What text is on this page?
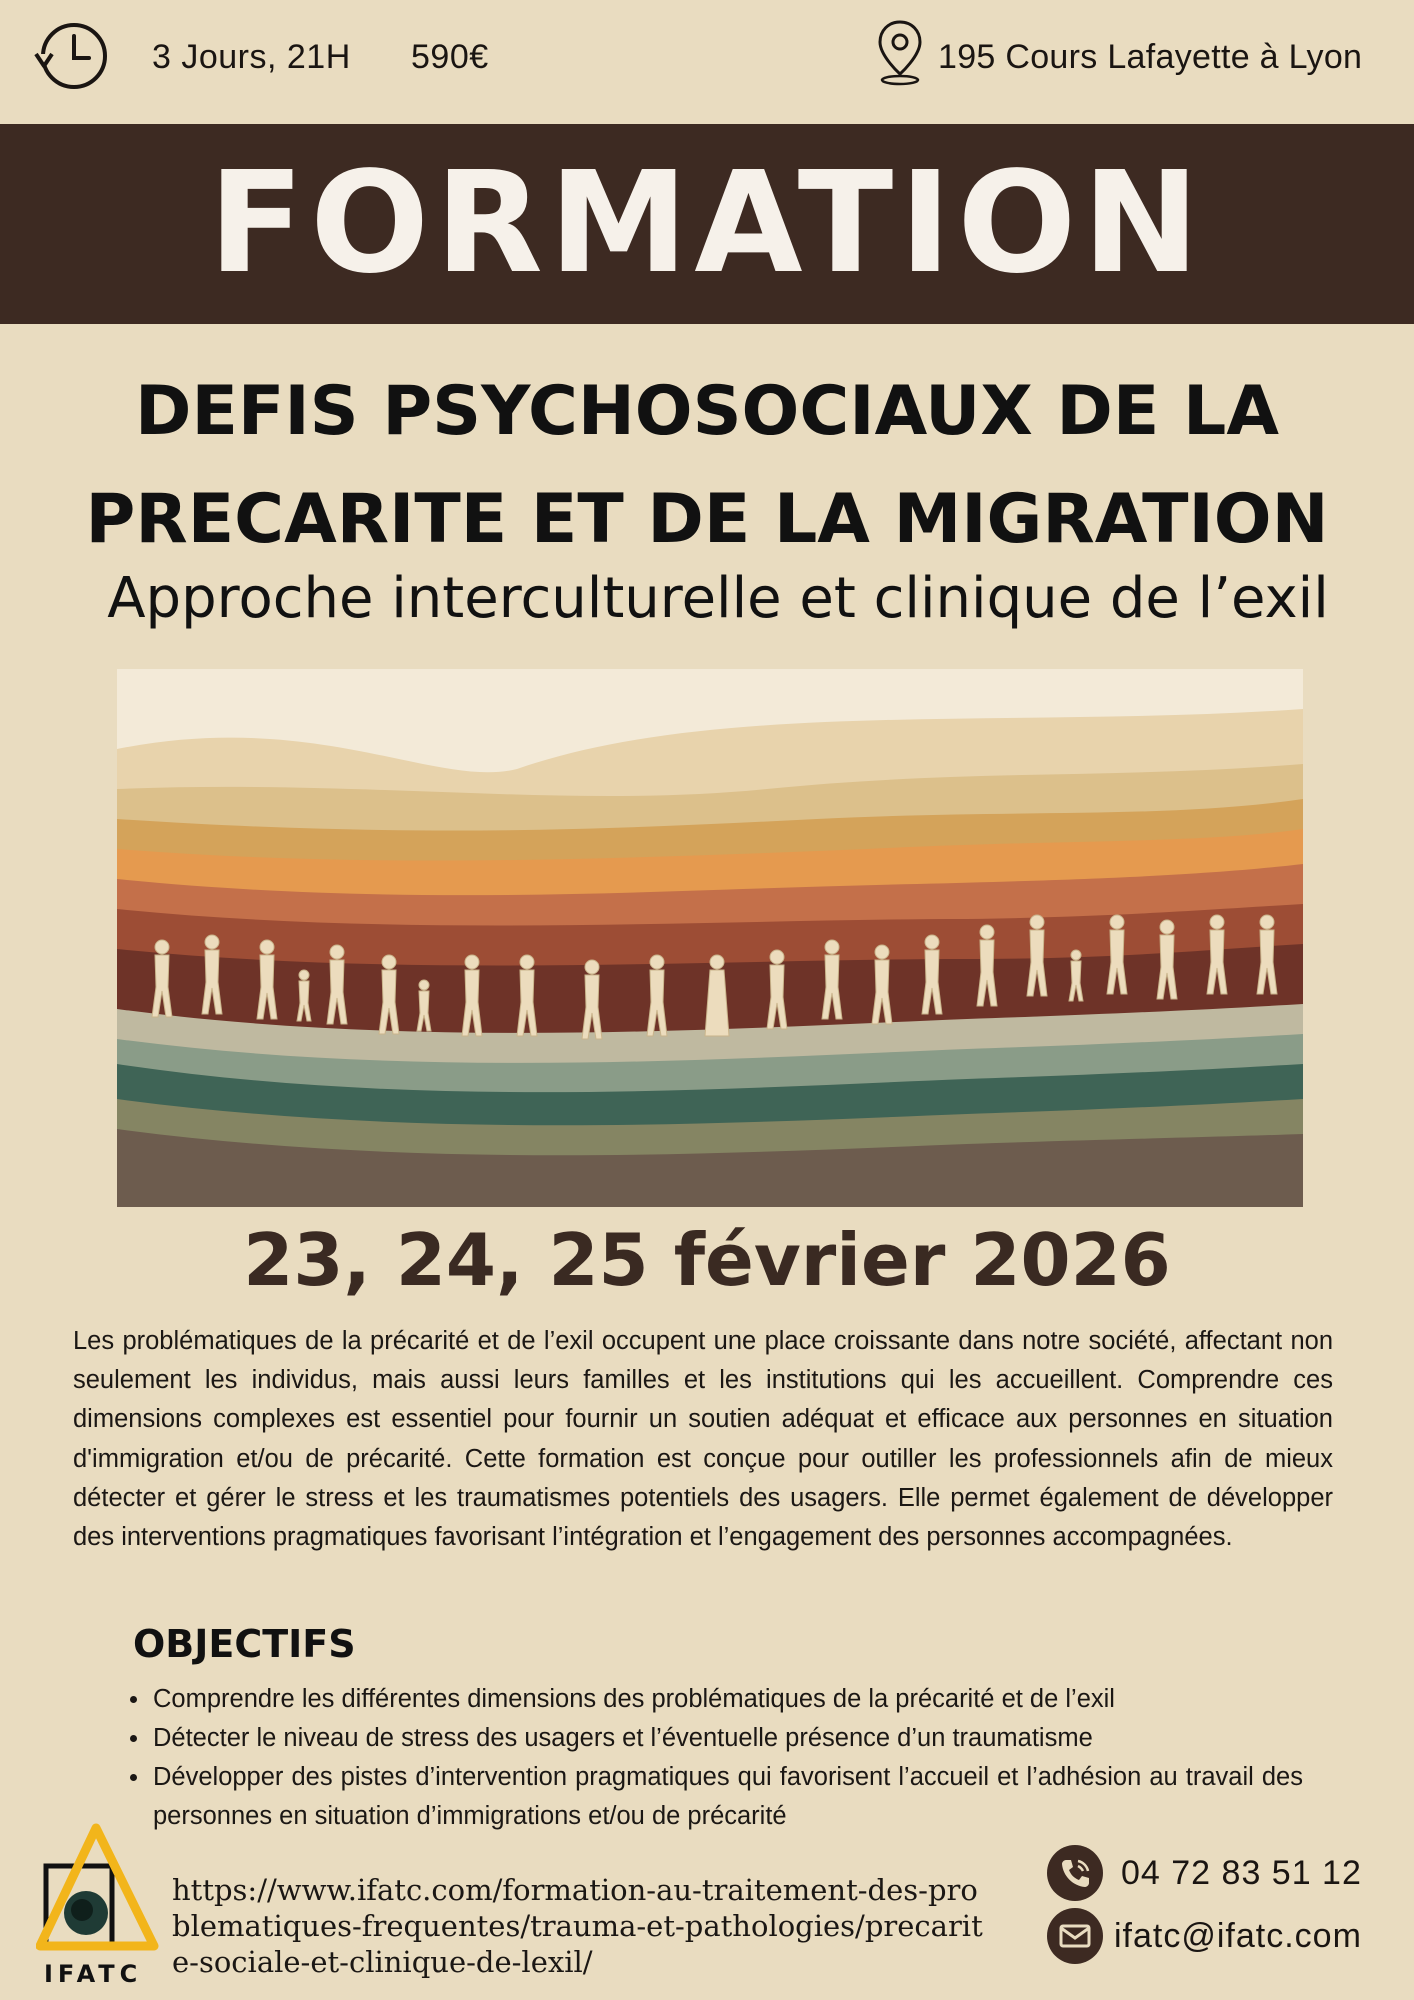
3 Jours, 21H 590€	195 Cours Lafayette à Lyon
FORMATION
DEFIS PSYCHOSOCIAUX DE LA
PRECARITE ET DE LA MIGRATION
Approche interculturelle et clinique de l’exil
23, 24, 25 février 2026

Les problématiques de la précarité et de l’exil occupent une place croissante dans notre société, affectant non seulement les individus, mais aussi leurs familles et les institutions qui les accueillent. Comprendre ces dimensions complexes est essentiel pour fournir un soutien adéquat et efficace aux personnes en situation d'immigration et/ou de précarité. Cette formation est conçue pour outiller les professionnels afin de mieux détecter et gérer le stress et les traumatismes potentiels des usagers. Elle permet également de développer des interventions pragmatiques favorisant l’intégration et l’engagement des personnes accompagnées.

OBJECTIFS
Comprendre les différentes dimensions des problématiques de la précarité et de l’exil
Détecter le niveau de stress des usagers et l’éventuelle présence d’un traumatisme
Développer des pistes d’intervention pragmatiques qui favorisent l’accueil et l’adhésion au travail des personnes en situation d’immigrations et/ou de précarité
IFATC
https://www.ifatc.com/formation-au-traitement-des-problematiques-frequentes/trauma-et-pathologies/precarite-sociale-et-clinique-de-lexil/
04 72 83 51 12
ifatc@ifatc.com
